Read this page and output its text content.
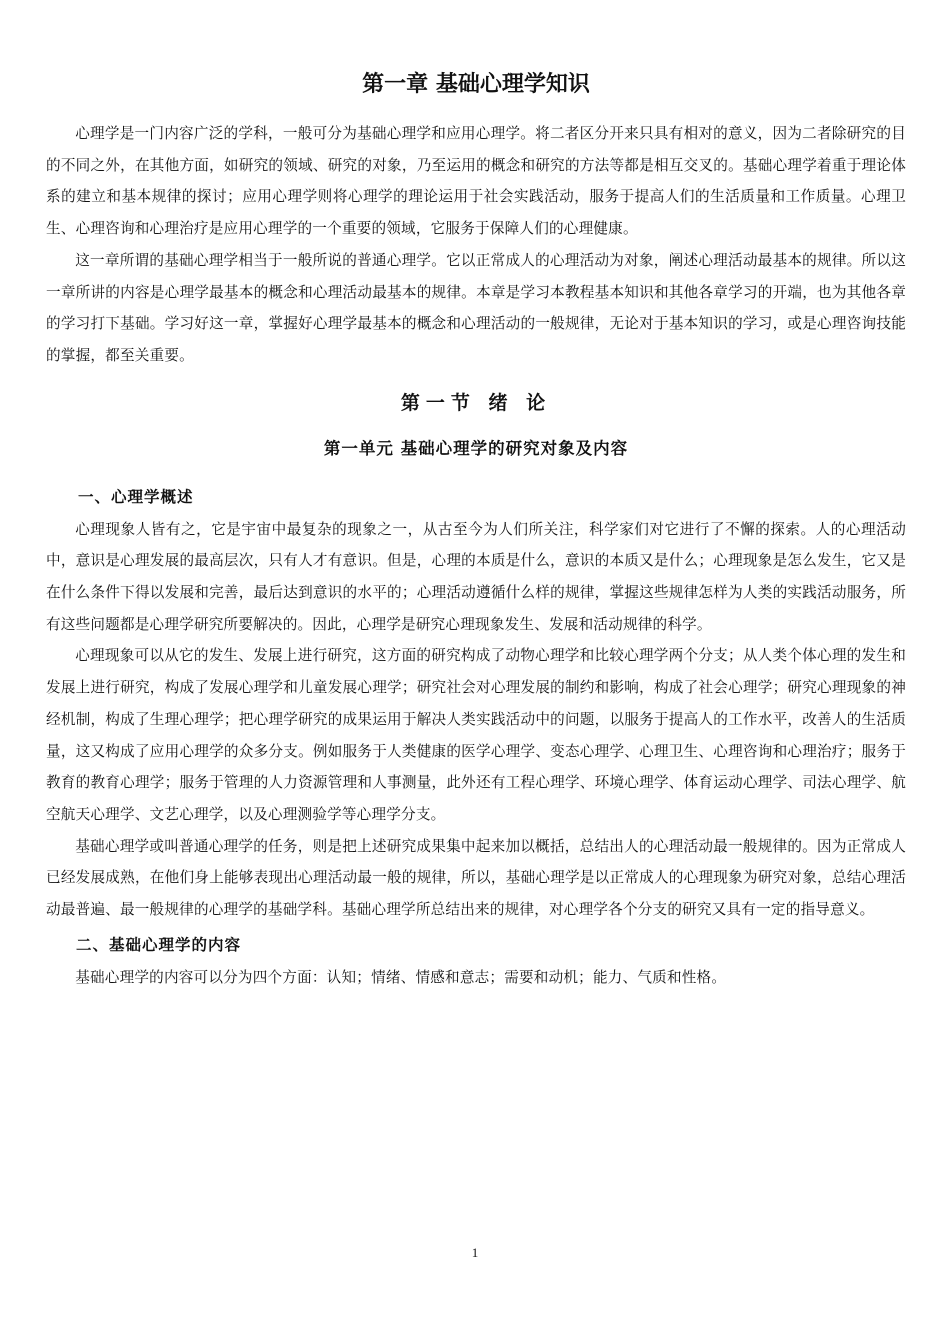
第一章 基础心理学知识

心理学是一门内容广泛的学科，一般可分为基础心理学和应用心理学。将二者区分开来只具有相对的意义，因为二者除研究的目的不同之外，在其他方面，如研究的领域、研究的对象，乃至运用的概念和研究的方法等都是相互交叉的。基础心理学着重于理论体系的建立和基本规律的探讨；应用心理学则将心理学的理论运用于社会实践活动，服务于提高人们的生活质量和工作质量。心理卫生、心理咨询和心理治疗是应用心理学的一个重要的领域，它服务于保障人们的心理健康。

这一章所谓的基础心理学相当于一般所说的普通心理学。它以正常成人的心理活动为对象，阐述心理活动最基本的规律。所以这一章所讲的内容是心理学最基本的概念和心理活动最基本的规律。本章是学习本教程基本知识和其他各章学习的开端，也为其他各章的学习打下基础。学习好这一章，掌握好心理学最基本的概念和心理活动的一般规律，无论对于基本知识的学习，或是心理咨询技能的掌握，都至关重要。

第一节 绪 论
第一单元 基础心理学的研究对象及内容
一、心理学概述

心理现象人皆有之，它是宇宙中最复杂的现象之一，从古至今为人们所关注，科学家们对它进行了不懈的探索。人的心理活动中，意识是心理发展的最高层次，只有人才有意识。但是，心理的本质是什么，意识的本质又是什么；心理现象是怎么发生，它又是在什么条件下得以发展和完善，最后达到意识的水平的；心理活动遵循什么样的规律，掌握这些规律怎样为人类的实践活动服务，所有这些问题都是心理学研究所要解决的。因此，心理学是研究心理现象发生、发展和活动规律的科学。

心理现象可以从它的发生、发展上进行研究，这方面的研究构成了动物心理学和比较心理学两个分支；从人类个体心理的发生和发展上进行研究，构成了发展心理学和儿童发展心理学；研究社会对心理发展的制约和影响，构成了社会心理学；研究心理现象的神经机制，构成了生理心理学；把心理学研究的成果运用于解决人类实践活动中的问题，以服务于提高人的工作水平，改善人的生活质量，这又构成了应用心理学的众多分支。例如服务于人类健康的医学心理学、变态心理学、心理卫生、心理咨询和心理治疗；服务于教育的教育心理学；服务于管理的人力资源管理和人事测量，此外还有工程心理学、环境心理学、体育运动心理学、司法心理学、航空航天心理学、文艺心理学，以及心理测验学等心理学分支。

基础心理学或叫普通心理学的任务，则是把上述研究成果集中起来加以概括，总结出人的心理活动最一般规律的。因为正常成人已经发展成熟，在他们身上能够表现出心理活动最一般的规律，所以，基础心理学是以正常成人的心理现象为研究对象，总结心理活动最普遍、最一般规律的心理学的基础学科。基础心理学所总结出来的规律，对心理学各个分支的研究又具有一定的指导意义。

二、基础心理学的内容

基础心理学的内容可以分为四个方面：认知；情绪、情感和意志；需要和动机；能力、气质和性格。

1
